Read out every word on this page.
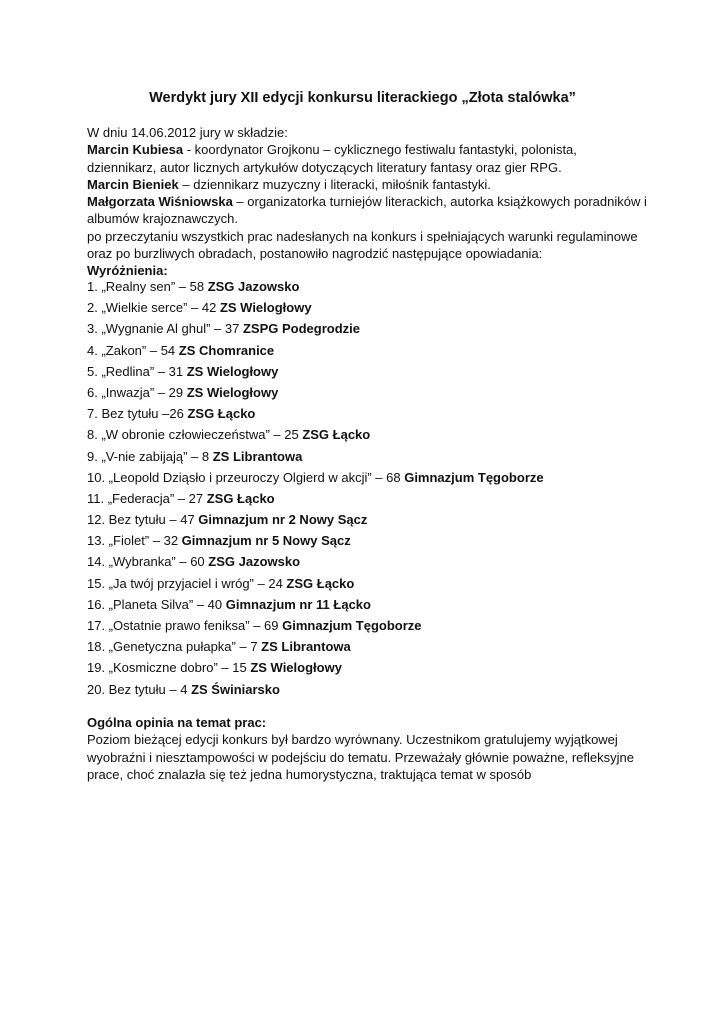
Werdykt jury XII edycji konkursu literackiego „Złota stalówka”

W dniu 14.06.2012 jury w składzie:

Marcin Kubiesa - koordynator Grojkonu – cyklicznego festiwalu fantastyki, polonista, dziennikarz, autor licznych artykułów dotyczących literatury fantasy oraz gier RPG.

Marcin Bieniek – dziennikarz muzyczny i literacki, miłośnik fantastyki.

Małgorzata Wiśniowska – organizatorka turniejów literackich, autorka książkowych poradników i albumów krajoznawczych.

po przeczytaniu wszystkich prac nadesłanych na konkurs i spełniających warunki regulaminowe oraz po burzliwych obradach, postanowiło nagrodzić następujące opowiadania:

Wyróżnienia:

1. „Realny sen” – 58 ZSG Jazowsko
2. „Wielkie serce” – 42 ZS Wielogłowy
3. „Wygnanie Al ghul” – 37 ZSPG Podegrodzie
4. „Zakon” – 54 ZS Chomranice
5. „Redlina” – 31 ZS Wielogłowy
6. „Inwazja” – 29 ZS Wielogłowy
7. Bez tytułu –26 ZSG Łącko
8. „W obronie człowieczeństwa” – 25 ZSG Łącko
9. „V-nie zabijają” – 8 ZS Librantowa
10. „Leopold Dziąsło i przeuroczy Olgierd w akcji” – 68 Gimnazjum Tęgoborze
11. „Federacja” – 27 ZSG Łącko
12. Bez tytułu – 47 Gimnazjum nr 2 Nowy Sącz
13. „Fiolet” – 32 Gimnazjum nr 5 Nowy Sącz
14. „Wybranka” – 60 ZSG Jazowsko
15. „Ja twój przyjaciel i wróg” – 24 ZSG Łącko
16. „Planeta Silva” – 40 Gimnazjum nr 11 Łącko
17. „Ostatnie prawo feniksa” – 69 Gimnazjum Tęgoborze
18. „Genetyczna pułapka” – 7 ZS Librantowa
19. „Kosmiczne dobro” – 15 ZS Wielogłowy
20. Bez tytułu – 4 ZS Świniarsko

Ogólna opinia na temat prac:

Poziom bieżącej edycji konkurs był bardzo wyrównany. Uczestnikom gratulujemy wyjątkowej wyobraźni i niesztampowości w podejściu do tematu. Przeważały głównie poważne, refleksyjne prace, choć znalazła się też jedna humorystyczna, traktująca temat w sposób
